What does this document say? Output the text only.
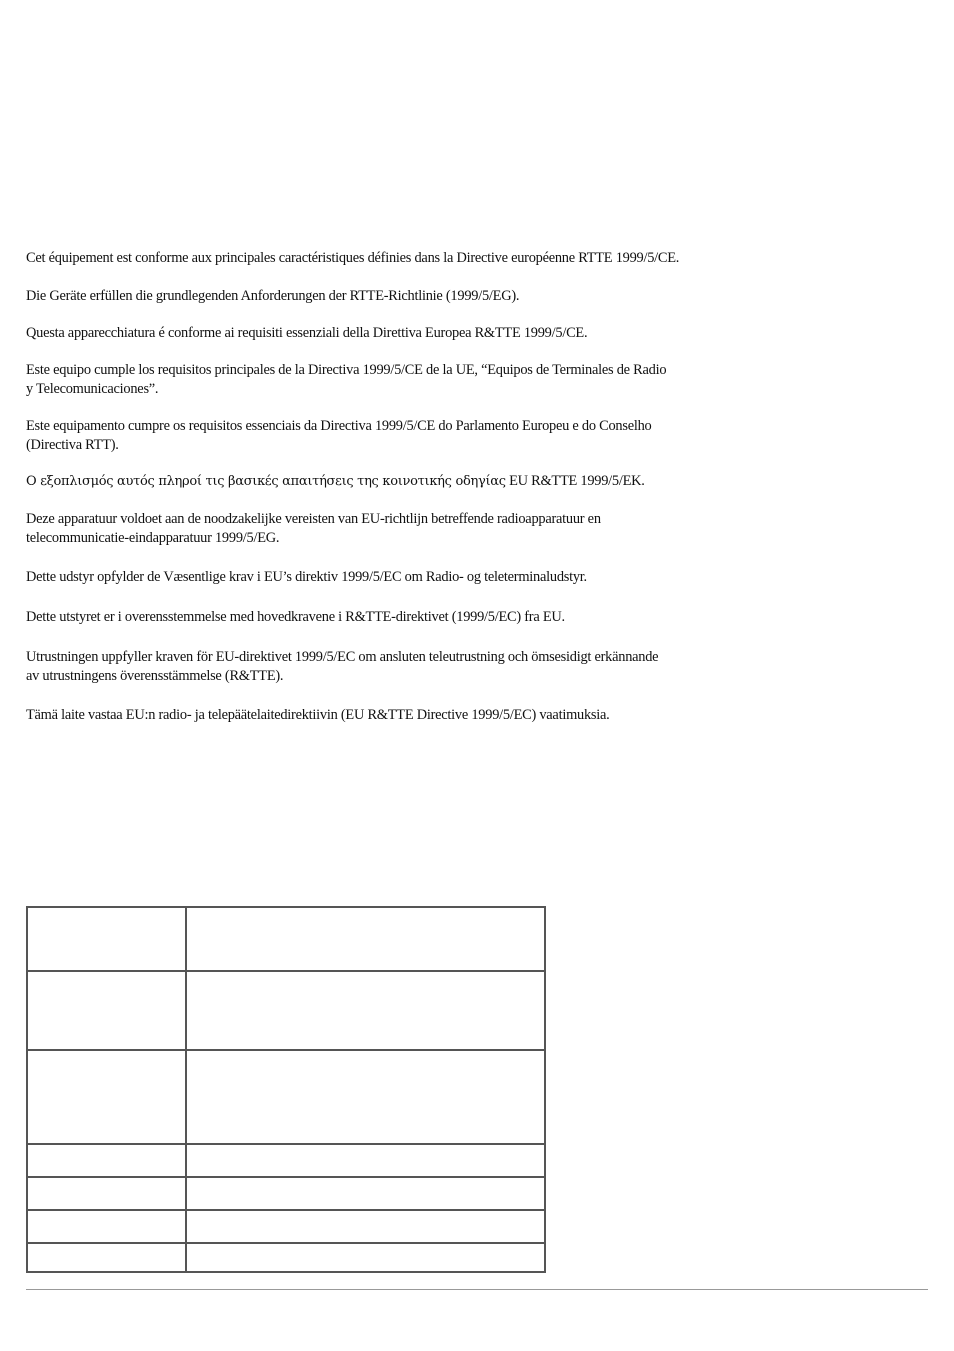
Cet équipement est conforme aux principales caractéristiques définies dans la Directive européenne RTTE 1999/5/CE.

Die Geräte erfüllen die grundlegenden Anforderungen der RTTE-Richtlinie (1999/5/EG).

Questa apparecchiatura é conforme ai requisiti essenziali della Direttiva Europea R&TTE 1999/5/CE.

Este equipo cumple los requisitos principales de la Directiva 1999/5/CE de la UE, “Equipos de Terminales de Radio
y Telecomunicaciones”.

Este equipamento cumpre os requisitos essenciais da Directiva 1999/5/CE do Parlamento Europeu e do Conselho
(Directiva RTT).

Ο εξοπλισμός αυτός πληροί τις βασικές απαιτήσεις της κοινοτικής οδηγίας EU R&TTE 1999/5/EK.

Deze apparatuur voldoet aan de noodzakelijke vereisten van EU-richtlijn betreffende radioapparatuur en
telecommunicatie-eindapparatuur 1999/5/EG.

Dette udstyr opfylder de Væsentlige krav i EU’s direktiv 1999/5/EC om Radio- og teleterminaludstyr.

Dette utstyret er i overensstemmelse med hovedkravene i R&TTE-direktivet (1999/5/EC) fra EU.

Utrustningen uppfyller kraven för EU-direktivet 1999/5/EC om ansluten teleutrustning och ömsesidigt erkännande
av utrustningens överensstämmelse (R&TTE).

Tämä laite vastaa EU:n radio- ja telepäätelaitedirektiivin (EU R&TTE Directive 1999/5/EC) vaatimuksia.
